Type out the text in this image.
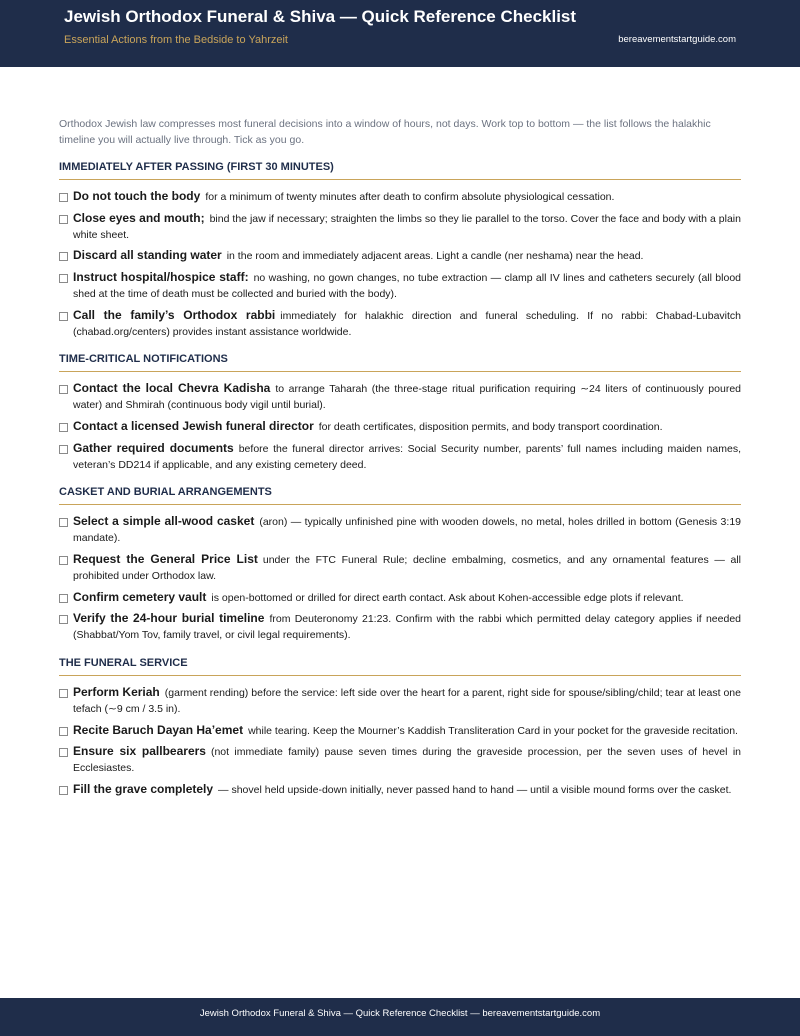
Jewish Orthodox Funeral & Shiva — Quick Reference Checklist
Essential Actions from the Bedside to Yahrzeit	bereavementstartguide.com

Orthodox Jewish law compresses most funeral decisions into a window of hours, not days. Work top to bottom — the list follows the halakhic timeline you will actually live through. Tick as you go.

IMMEDIATELY AFTER PASSING (FIRST 30 MINUTES)
Do not touch the body for a minimum of twenty minutes after death to confirm absolute physiological cessation.
Close eyes and mouth; bind the jaw if necessary; straighten the limbs so they lie parallel to the torso. Cover the face and body with a plain white sheet.
Discard all standing water in the room and immediately adjacent areas. Light a candle (ner neshama) near the head.
Instruct hospital/hospice staff: no washing, no gown changes, no tube extraction — clamp all IV lines and catheters securely (all blood shed at the time of death must be collected and buried with the body).
Call the family’s Orthodox rabbi immediately for halakhic direction and funeral scheduling. If no rabbi: Chabad-Lubavitch (chabad.org/centers) provides instant assistance worldwide.
TIME-CRITICAL NOTIFICATIONS
Contact the local Chevra Kadisha to arrange Taharah (the three-stage ritual purification requiring ∼24 liters of continuously poured water) and Shmirah (continuous body vigil until burial).
Contact a licensed Jewish funeral director for death certificates, disposition permits, and body transport coordination.
Gather required documents before the funeral director arrives: Social Security number, parents’ full names including maiden names, veteran’s DD214 if applicable, and any existing cemetery deed.
CASKET AND BURIAL ARRANGEMENTS
Select a simple all-wood casket (aron) — typically unfinished pine with wooden dowels, no metal, holes drilled in bottom (Genesis 3:19 mandate).
Request the General Price List under the FTC Funeral Rule; decline embalming, cosmetics, and any ornamental features — all prohibited under Orthodox law.
Confirm cemetery vault is open-bottomed or drilled for direct earth contact. Ask about Kohen-accessible edge plots if relevant.
Verify the 24-hour burial timeline from Deuteronomy 21:23. Confirm with the rabbi which permitted delay category applies if needed (Shabbat/Yom Tov, family travel, or civil legal requirements).
THE FUNERAL SERVICE
Perform Keriah (garment rending) before the service: left side over the heart for a parent, right side for spouse/sibling/child; tear at least one tefach (∼9 cm / 3.5 in).
Recite Baruch Dayan Ha’emet while tearing. Keep the Mourner’s Kaddish Transliteration Card in your pocket for the graveside recitation.
Ensure six pallbearers (not immediate family) pause seven times during the graveside procession, per the seven uses of hevel in Ecclesiastes.
Fill the grave completely — shovel held upside-down initially, never passed hand to hand — until a visible mound forms over the casket.
Jewish Orthodox Funeral & Shiva — Quick Reference Checklist — bereavementstartguide.com
